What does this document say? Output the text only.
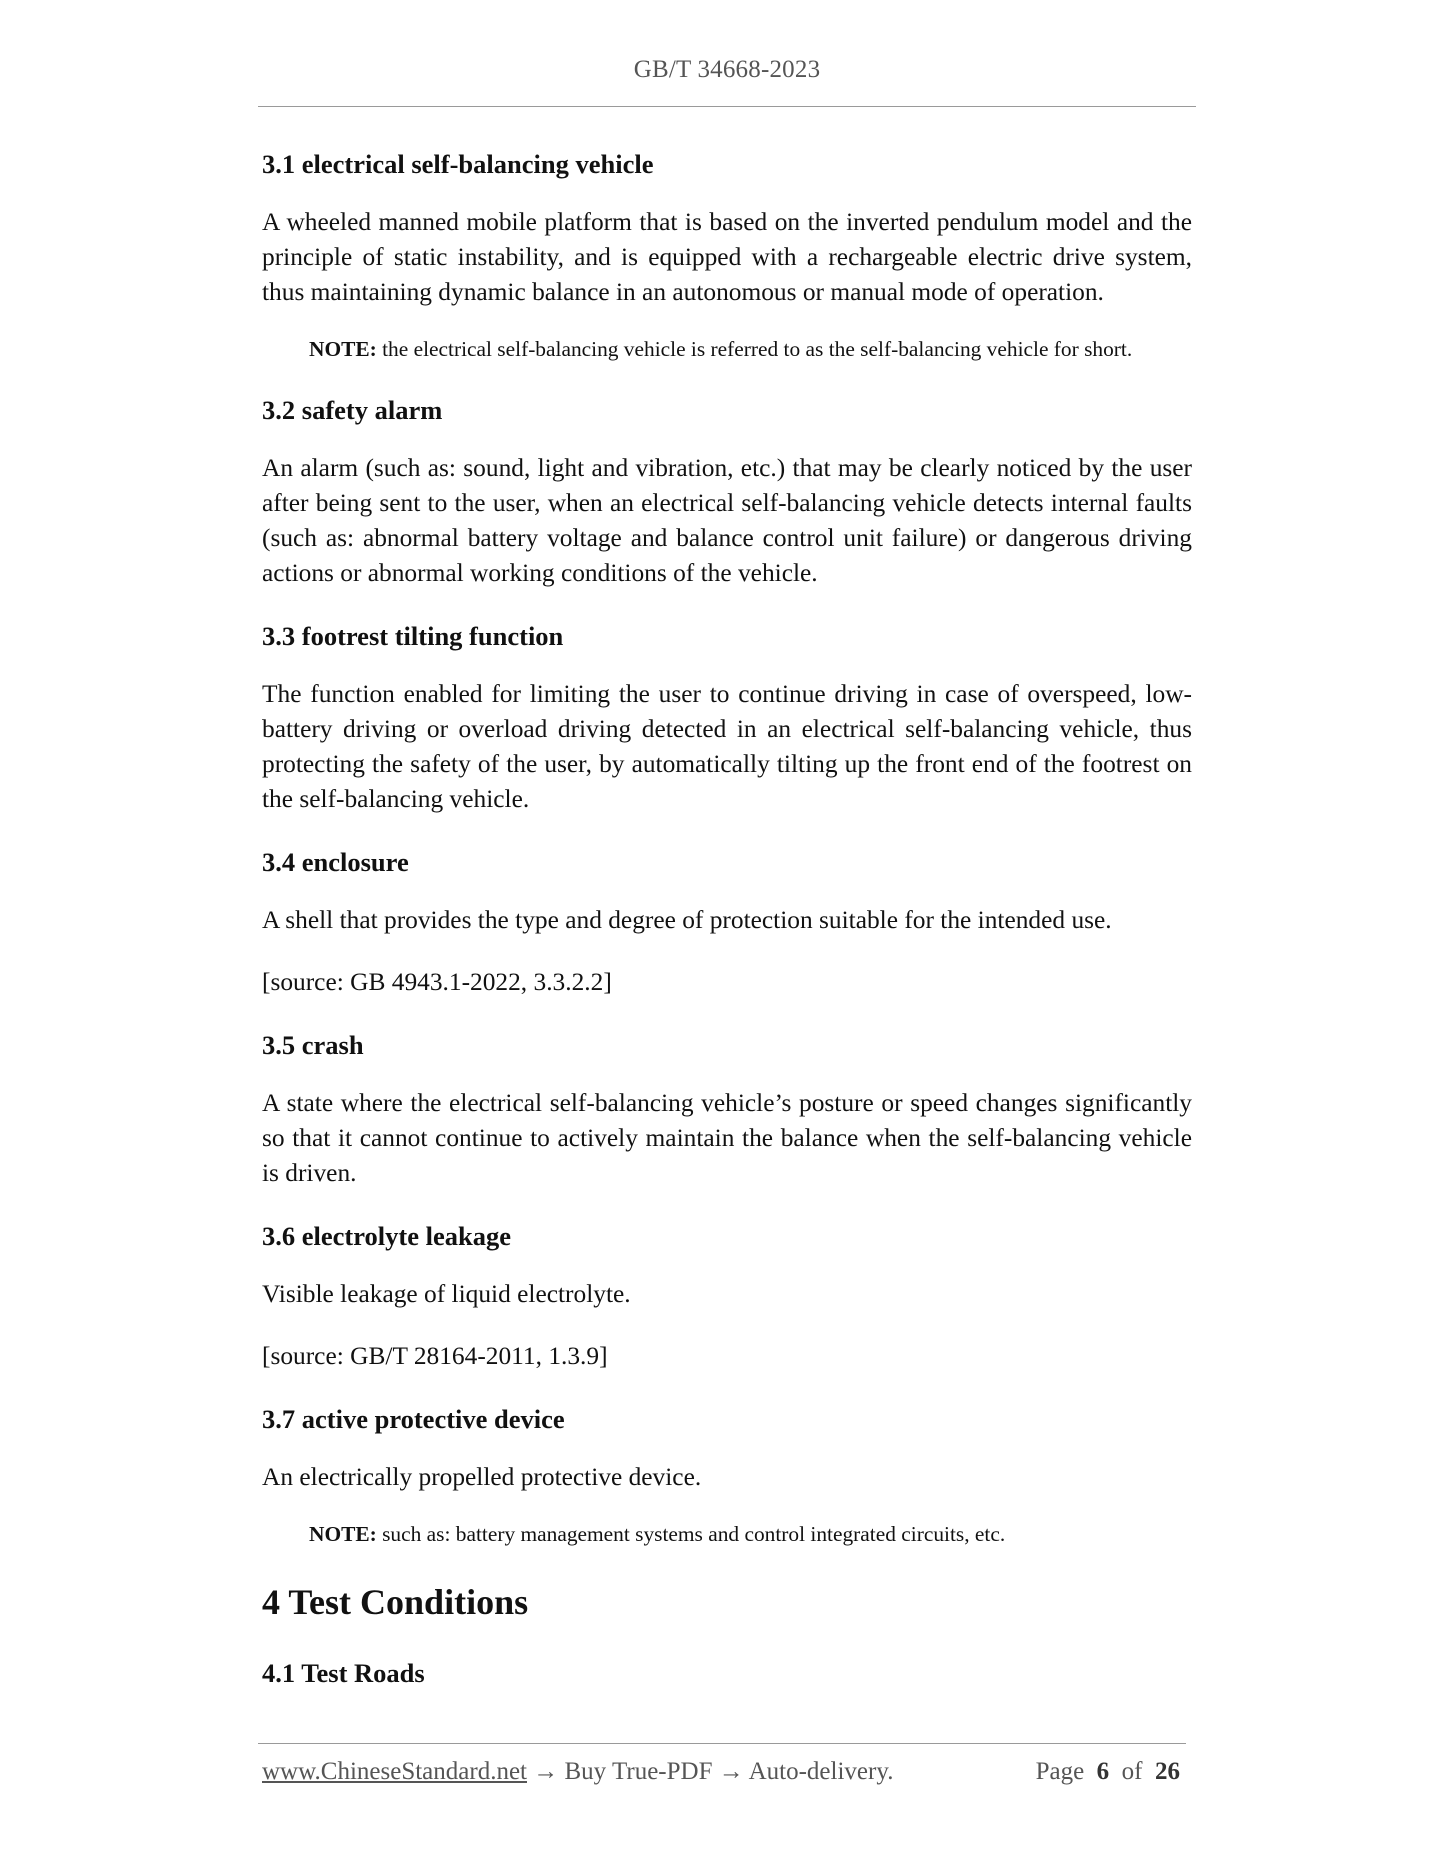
GB/T 34668-2023
3.1 electrical self-balancing vehicle

A wheeled manned mobile platform that is based on the inverted pendulum model and the principle of static instability, and is equipped with a rechargeable electric drive system, thus maintaining dynamic balance in an autonomous or manual mode of operation.

NOTE: the electrical self-balancing vehicle is referred to as the self-balancing vehicle for short.

3.2 safety alarm

An alarm (such as: sound, light and vibration, etc.) that may be clearly noticed by the user after being sent to the user, when an electrical self-balancing vehicle detects internal faults (such as: abnormal battery voltage and balance control unit failure) or dangerous driving actions or abnormal working conditions of the vehicle.

3.3 footrest tilting function

The function enabled for limiting the user to continue driving in case of overspeed, low-battery driving or overload driving detected in an electrical self-balancing vehicle, thus protecting the safety of the user, by automatically tilting up the front end of the footrest on the self-balancing vehicle.

3.4 enclosure

A shell that provides the type and degree of protection suitable for the intended use.

[source: GB 4943.1-2022, 3.3.2.2]

3.5 crash

A state where the electrical self-balancing vehicle’s posture or speed changes significantly so that it cannot continue to actively maintain the balance when the self-balancing vehicle is driven.

3.6 electrolyte leakage

Visible leakage of liquid electrolyte.

[source: GB/T 28164-2011, 1.3.9]

3.7 active protective device

An electrically propelled protective device.

NOTE: such as: battery management systems and control integrated circuits, etc.

4 Test Conditions
4.1 Test Roads
www.ChineseStandard.net → Buy True-PDF → Auto-delivery.	Page 6 of 26
